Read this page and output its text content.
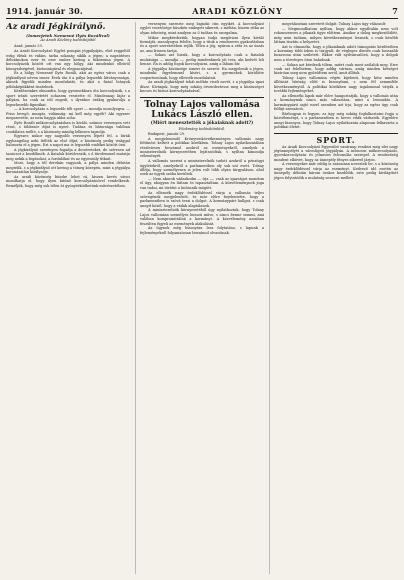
1914. január 30.	ARADI KÖZLÖNY	7
Az aradi Jégkirálynő.
(Ismerjetek Nemesné Ilyés Rozálival)
Az Aradi Közlöny tudósítójától

Arad, január 29.

Az Aradi Korcsolyázó Egylet pompás jégpályáján, első reggeltől estig élénk és vidám, tarka sokaság siklik a jégen; a napsütéses délutánokon ezer és ezer ember kering a tükörsima jégen. A korcsolyázók között ott van egy hölgy, aki mindenkit elbűvöl könnyedségével, biztonságával és eleganciájával.

Ez a hölgy Nemesné Ilyés Rozáli, akit az egész város csak a jégkirálynő néven ismer. Évek óta ő a pálya legszebb látványossága, akinek figyelik minden mozdulatát, és akit a fiatal leányok példaképükként tisztelnek.

Kérdéseinkre elmondta, hogy gyermekkora óta korcsolyázik, s a sport iránti szeretetét sohasem vesztette el. Mindennap kijár a pályára, ha csak az idő engedi, s ilyenkor órákig gyakorolja a legnehezebb figurákat.

— A korcsolyázás a legszebb téli sport — mondja mosolyogva. — Friss levegő, mozgás, vidámság: mi kell még egyéb? Aki egyszer megszerette, az nem hagyja abba soha.

Ilyés Rozáli műkorcsolyázásban is kiváló, számos versenyen vett részt, s többször díjat is nyert. Tudása és bátorsága valóban csodálatra méltó, s a közönség mindig lelkesen tapsolja.

Egyszer, mikor egy nagyobb versenyen lépett fel, a bírák egyhangúlag neki ítélték az első díjat, a közönség pedig virággal halmozta el a jégen. Ezt a napot ma is legszebb emlékei között őrzi.

A jégkirálynő szerényen fogadja a dicséreteket, de szívesen ad tanácsot a kezdőknek. A fiatalok körülveszik, s ő türelemmel mutatja meg nekik a fogásokat, a fordulókat és az egyensúly titkait.

Most, hogy a tél derekán vagyunk, a pálya minden délután megtelik, s a jégkirálynő ott kering a tömeg közepén, mint a jégpálya koronázatlan királynője.

Az aradi közönség büszke lehet rá, hiszen kevés város mondhatja el, hogy ilyen kitűnő korcsolyázónővel rendelkezik. Reméljük, hogy még sok télen át gyönyörködhetünk művészetében.

versenyen szerezte meg bajnoki cím egyikét. A korcsolyázó egylet vezetősége büszkén emlegeti sikereit, s méltán, hiszen ritka az olyan tehetség, mint amilyen az ő tudása és szorgalma.

Mikor megkérdeztük, hogyan tudja megőrizni ilyen kiváló formáját, mosolyogva felelte, hogy a titok a rendszeres gyakorlásban és a sport szeretetében rejlik. Télen a jég, nyáron a séta és az úszás az, ami frissen tartja.

— Sokan azt hiszik, hogy a korcsolyázás csak a fiatalok mulatsága — mondja —, pedig mindenkinek jót tesz, aki kedvét leli benne. Én is addig fogok korcsolyázni, amíg a lábam bír.

A jégpálya közönsége ismeri és szereti. Ha megjelenik a jégen, mindenki figyelemmel kíséri, s a gyermekek körülötte csoportosulnak, hogy ellessék mozdulatait.

Az aradi jégkirálynő tehát méltán viseli nevét, s a jégpálya igazi dísze. Kívánjuk, hogy még sokáig örvendeztesse meg a közönséget kecses és biztos korcsolyázásával.

Tolnay Lajos vallomása Lukács László ellen.
(Miért menesztették a jókaiaknak adott?)
Főokmány tudósítóinktól.

Budapest, január 29.

A megjelenendő Krónyvenkövetkezményes vallomás nagy feltűnést keltett a politikai körökben. Tolnay Lajos nyilatkozatában részletesen beszámol azokról az eseményekről, amelyek a miniszterelnök környezetében lejátszódtak, s nyíltan kimondja véleményét.

A vallomás szerint a miniszterelnök tudott azokról a pénzügyi ügyletekről, amelyekről a parlamentben oly sok szó esett. Tolnay állítja, hogy személyesen is jelen volt több olyan tárgyaláson, ahol ezek az ügyek szóba kerültek.

— Nem akarok vádaskodni — írja —, csak az igazságot mondom el úgy, ahogyan én láttam és tapasztaltam. A közvéleménynek joga van tudni, mi történt a kulisszák mögött.

Az ellenzék nagy érdeklődéssel várja a vallomás teljes szövegének megjelenését, és már előre bejelentette, hogy a parlamentben is szóvá teszi a dolgot. A kormánypárt hallgat, s csak annyit közöl, hogy a vádak alaptalanok.

A miniszterelnök környezetéből úgy nyilatkoztak, hogy Tolnay Lajos vallomása személyes bosszú műve, s nincs benne semmi, ami valóban kompromittálná a kormányt. A közvélemény azonban feszülten figyeli az események alakulását.

Az ügynek még bizonyára lesz folytatása, s lapunk a fejleményekről folyamatosan beszámol olvasóinak.

megválasztani szeretett dolgát. Tolnay Lajos ügy válaszolt:

— Megmondhatom nyíltan, hogy akkor egyáltalán nem volt rokonszenves a jókaiak ügye előttem. Amikor a dolog megkezdődött, még nem tudtam, milyen következményei lesznek, s csak később láttam tisztán a helyzetet.

Azt is elmondta, hogy a jókaiaknak adott támogatás kérdésében a kormány több ízben is tárgyalt, de végleges döntés csak hosszabb huzavona után született. Ekkor vált nyilvánvalóvá, hogy a dolgok nem a törvényes úton haladnak.

— Sokan azt kérdezik tőlem, miért csak most szólalok meg. Erre csak azt felelhetem, hogy addig vártam, amíg minden kétséget kizáróan meg nem győződtem arról, amit állítok.

Tolnay Lajos vallomása végén kijelenti, hogy kész minden állítását bíróság előtt is bizonyítani, s nem fél semmiféle következménytől. A politikai körökben nagy izgalommal várják a további fejleményeket.

Az ellenzéki lapok már előre hangoztatják, hogy a vallomás után a kormánynak nincs más választása, mint a lemondás. A kormánypárti sajtó ezzel szemben azt írja, hogy az egész ügy csak felfújt szenzáció.

Bárhogyan is legyen, az ügy még sokáig foglalkoztatni fogja a közvéleményt, s a parlamentben is heves viták várhatók. Egyelőre annyi bizonyos, hogy Tolnay Lajos nyilatkozata alaposan felkavarta a politikai életet.

SPORT.

Az Aradi Korcsolyázó Egyesület vasárnap rendezi meg idei nagy jégünnepélyét a városligeti jégpályán. A műsoron műkorcsolyázás, gyorskorcsolyázás és jelmezes felvonulás szerepel. A rendezőség mindent elkövet, hogy az ünnepély fényes sikerrel járjon.

A versenyekre már eddig is számosan neveztek be, s a közönség nagy érdeklődéssel várja az eseményt. Kedvező idő esetén az ünnepély délután három órakor kezdődik, este pedig kivilágított jégen folytatódik a mulatság zeneszó mellett.
